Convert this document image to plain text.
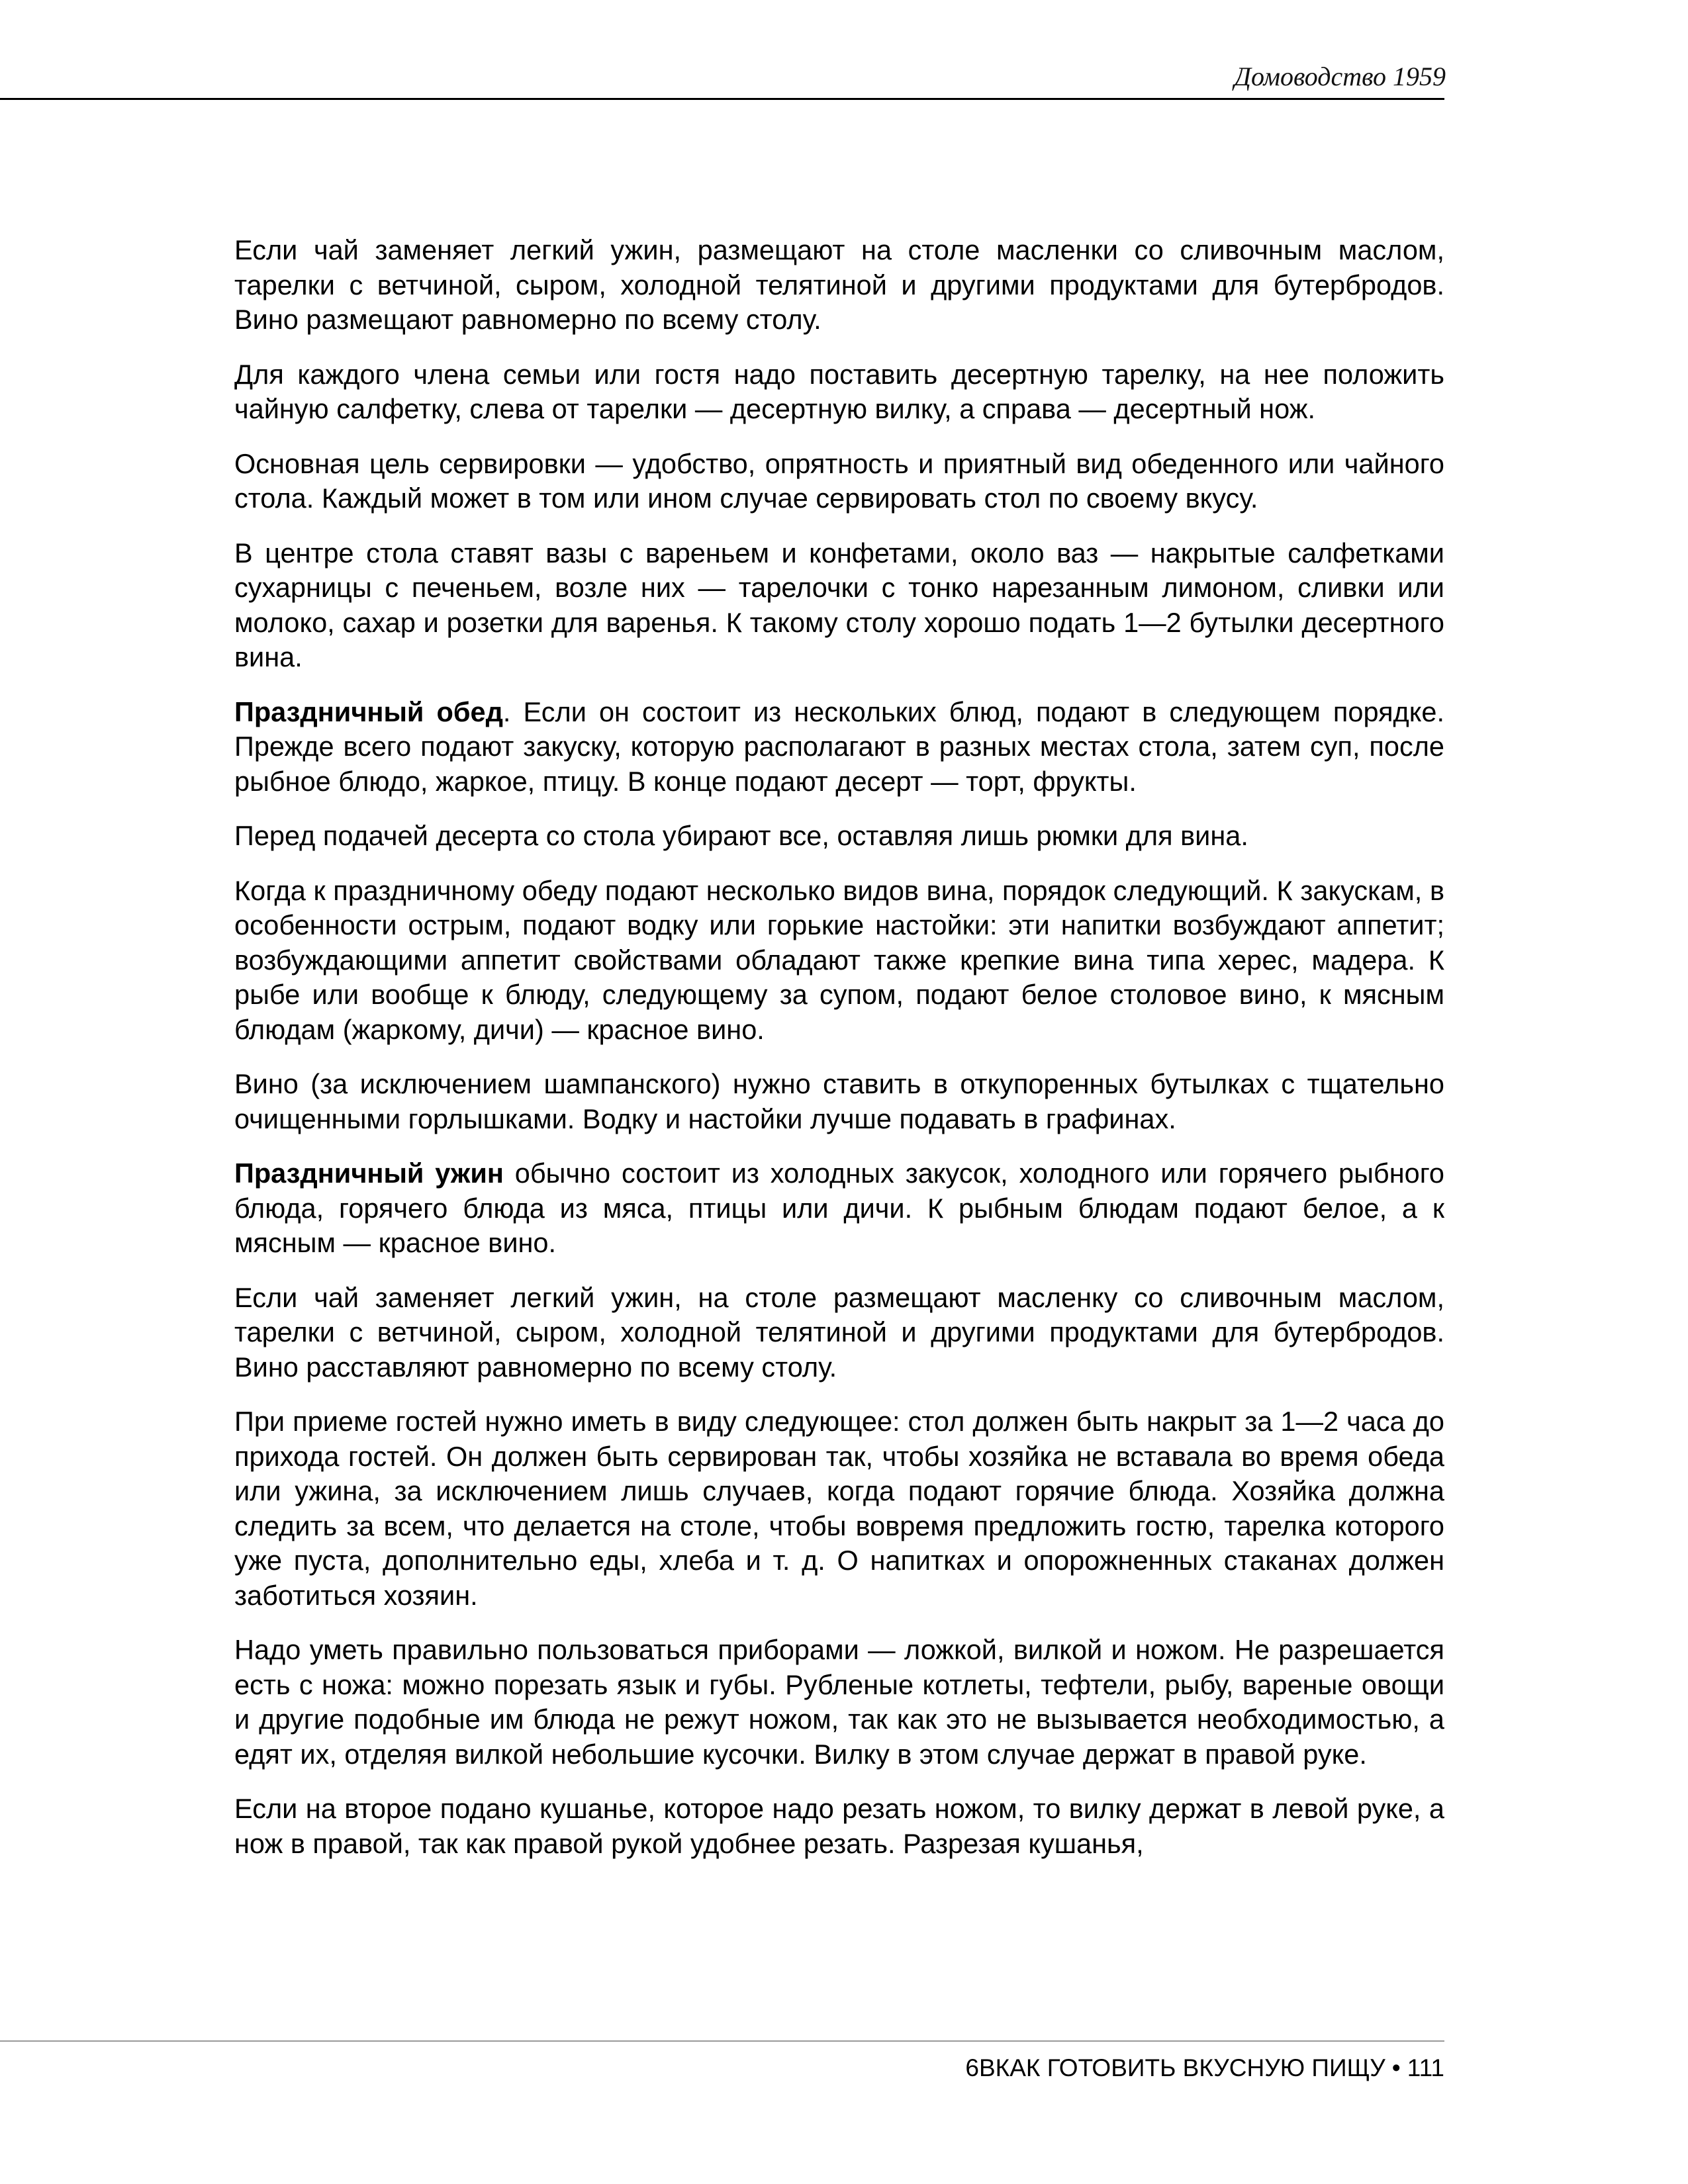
Домоводство 1959

Если чай заменяет легкий ужин, размещают на столе масленки со сливочным маслом, тарелки с ветчиной, сыром, холодной телятиной и другими продуктами для бутербродов. Вино размещают равномерно по всему столу.

Для каждого члена семьи или гостя надо поставить десертную тарелку, на нее положить чайную салфетку, слева от тарелки — десертную вилку, а справа — десертный нож.

Основная цель сервировки — удобство, опрятность и приятный вид обеденного или чайного стола. Каждый может в том или ином случае сервировать стол по своему вкусу.

В центре стола ставят вазы с вареньем и конфетами, около ваз — накрытые салфетками сухарницы с печеньем, возле них — тарелочки с тонко нарезанным лимоном, сливки или молоко, сахар и розетки для варенья. К такому столу хорошо подать 1—2 бутылки десертного вина.

Праздничный обед. Если он состоит из нескольких блюд, подают в следующем порядке. Прежде всего подают закуску, которую располагают в разных местах стола, затем суп, после рыбное блюдо, жаркое, птицу. В конце подают десерт — торт, фрукты.

Перед подачей десерта со стола убирают все, оставляя лишь рюмки для вина.

Когда к праздничному обеду подают несколько видов вина, порядок следующий. К закускам, в особенности острым, подают водку или горькие настойки: эти напитки возбуждают аппетит; возбуждающими аппетит свойствами обладают также крепкие вина типа херес, мадера. К рыбе или вообще к блюду, следующему за супом, подают белое столовое вино, к мясным блюдам (жаркому, дичи) — красное вино.

Вино (за исключением шампанского) нужно ставить в откупоренных бутылках с тщательно очищенными горлышками. Водку и настойки лучше подавать в графинах.

Праздничный ужин обычно состоит из холодных закусок, холодного или горячего рыбного блюда, горячего блюда из мяса, птицы или дичи. К рыбным блюдам подают белое, а к мясным — красное вино.

Если чай заменяет легкий ужин, на столе размещают масленку со сливочным маслом, тарелки с ветчиной, сыром, холодной телятиной и другими продуктами для бутербродов. Вино расставляют равномерно по всему столу.

При приеме гостей нужно иметь в виду следующее: стол должен быть накрыт за 1—2 часа до прихода гостей. Он должен быть сервирован так, чтобы хозяйка не вставала во время обеда или ужина, за исключением лишь случаев, когда подают горячие блюда. Хозяйка должна следить за всем, что делается на столе, чтобы вовремя предложить гостю, тарелка которого уже пуста, дополнительно еды, хлеба и т. д. О напитках и опорожненных стаканах должен заботиться хозяин.

Надо уметь правильно пользоваться приборами — ложкой, вилкой и ножом. Не разрешается есть с ножа: можно порезать язык и губы. Рубленые котлеты, тефтели, рыбу, вареные овощи и другие подобные им блюда не режут ножом, так как это не вызывается необходимостью, а едят их, отделяя вилкой небольшие кусочки. Вилку в этом случае держат в правой руке.

Если на второе подано кушанье, которое надо резать ножом, то вилку держат в левой руке, а нож в правой, так как правой рукой удобнее резать. Разрезая кушанья,

6ВКАК ГОТОВИТЬ ВКУСНУЮ ПИЩУ • 111
